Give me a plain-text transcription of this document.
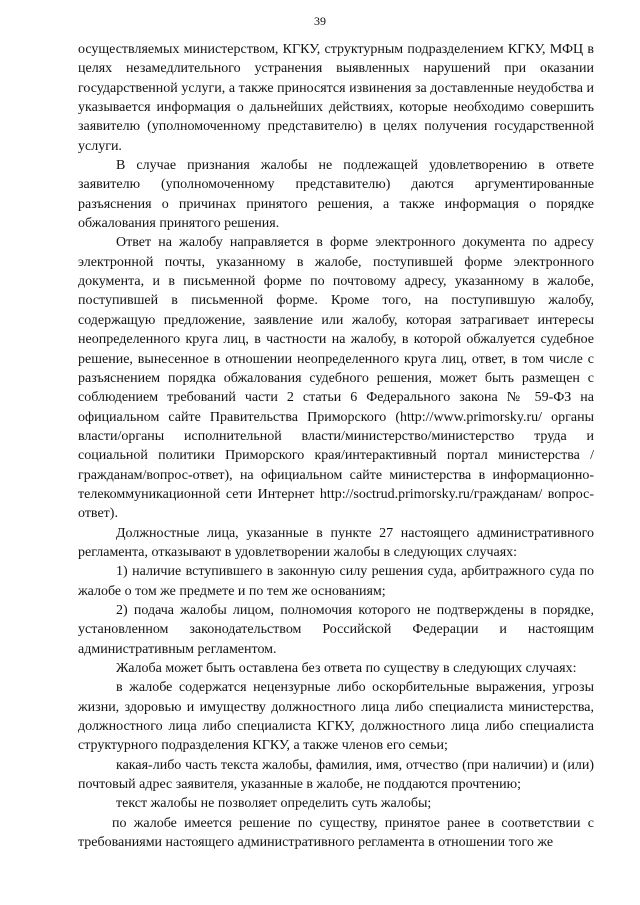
39

осуществляемых министерством, КГКУ, структурным подразделением КГКУ, МФЦ в целях незамедлительного устранения выявленных нарушений при оказании государственной услуги, а также приносятся извинения за доставленные неудобства и указывается информация о дальнейших действиях, которые необходимо совершить заявителю (уполномоченному представителю) в целях получения государственной услуги.

В случае признания жалобы не подлежащей удовлетворению в ответе заявителю (уполномоченному представителю) даются аргументированные разъяснения о причинах принятого решения, а также информация о порядке обжалования принятого решения.

Ответ на жалобу направляется в форме электронного документа по адресу электронной почты, указанному в жалобе, поступившей форме электронного документа, и в письменной форме по почтовому адресу, указанному в жалобе, поступившей в письменной форме. Кроме того, на поступившую жалобу, содержащую предложение, заявление или жалобу, которая затрагивает интересы неопределенного круга лиц, в частности на жалобу, в которой обжалуется судебное решение, вынесенное в отношении неопределенного круга лиц, ответ, в том числе с разъяснением порядка обжалования судебного решения, может быть размещен с соблюдением требований части 2 статьи 6 Федерального закона № 59-ФЗ на официальном сайте Правительства Приморского (http://www.primorsky.ru/ органы власти/органы исполнительной власти/министерство/министерство труда и социальной политики Приморского края/интерактивный портал министерства /гражданам/вопрос-ответ), на официальном сайте министерства в информационно-телекоммуникационной сети Интернет http://soctrud.primorsky.ru/гражданам/ вопрос-ответ).

Должностные лица, указанные в пункте 27 настоящего административного регламента, отказывают в удовлетворении жалобы в следующих случаях:

1) наличие вступившего в законную силу решения суда, арбитражного суда по жалобе о том же предмете и по тем же основаниям;

2) подача жалобы лицом, полномочия которого не подтверждены в порядке, установленном законодательством Российской Федерации и настоящим административным регламентом.

Жалоба может быть оставлена без ответа по существу в следующих случаях:

в жалобе содержатся нецензурные либо оскорбительные выражения, угрозы жизни, здоровью и имуществу должностного лица либо специалиста министерства, должностного лица либо специалиста КГКУ, должностного лица либо специалиста структурного подразделения КГКУ, а также членов его семьи;

какая-либо часть текста жалобы, фамилия, имя, отчество (при наличии) и (или) почтовый адрес заявителя, указанные в жалобе, не поддаются прочтению;

текст жалобы не позволяет определить суть жалобы;

по жалобе имеется решение по существу, принятое ранее в соответствии с требованиями настоящего административного регламента в отношении того же
